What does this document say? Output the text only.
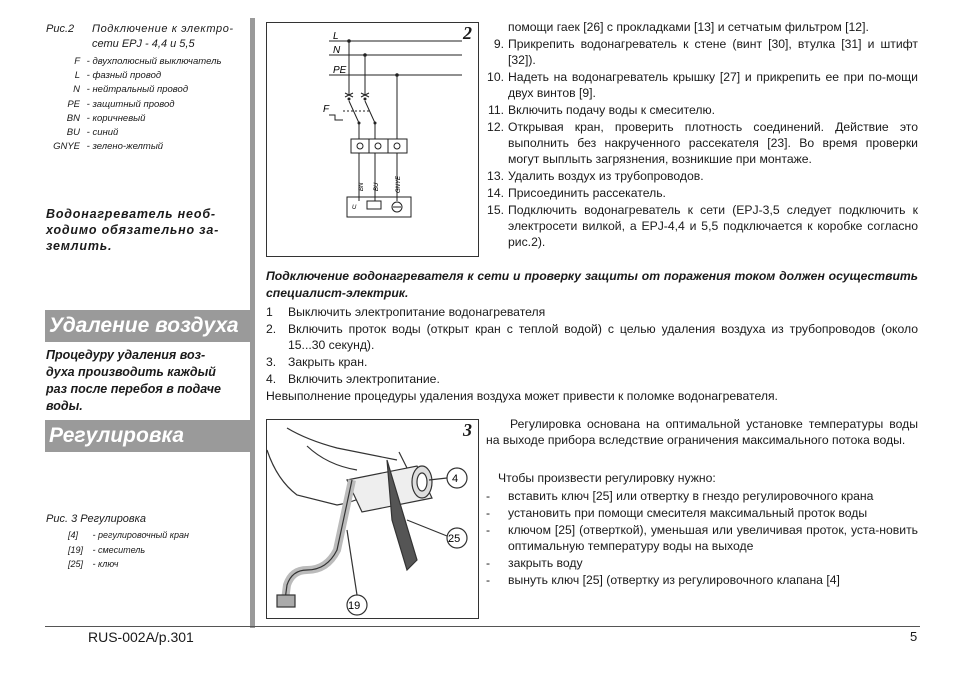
Рис.2 Подключение к электро-
сети EPJ - 4,4 и 5,5
F - двухполюсный выключатель
L - фазный провод
N - нейтральный провод
PE - защитный провод
BN - коричневый
BU - синий
GNYE - зелено-желтый
Водонагреватель необ-
ходимо обязательно за-
землить.
Удаление воздуха
Процедуру удаления воз-
духа производить каждый
раз после перебоя в подаче
воды.
Регулировка
Рис. 3 Регулировка
[4] - регулировочный кран
[19] - смеситель
[25] - ключ
2
L
N
PE
F
BN BU	GNYE
U
помощи гаек [26] с прокладками [13] и сетчатым фильтром [12].
9. Прикрепить водонагреватель к стене (винт [30], втулка [31] и штифт [32]).
10. Надеть на водонагреватель крышку [27] и прикрепить ее при по-мощи двух винтов [9].
11. Включить подачу воды к смесителю.
12. Открывая кран, проверить плотность соединений. Действие это выполнить без накрученного рассекателя [23]. Во время проверки могут выплыть загрязнения, возникшие при монтаже.
13. Удалить воздух из трубопроводов.
14. Присоединить рассекатель.
15. Подключить водонагреватель к сети (EPJ-3,5 следует подключить к электросети вилкой, а EPJ-4,4 и 5,5 подключается к коробке согласно рис.2).
Подключение водонагревателя к сети и проверку защиты от поражения током должен осуществить специалист-электрик.
1	Выключить электропитание водонагревателя
2. Включить проток воды (открыт кран с теплой водой) с целью удаления воздуха из трубопроводов (около 15...30 секунд).
3. Закрыть кран.
4. Включить электропитание.
Невыполнение процедуры удаления воздуха может привести к поломке водонагревателя.
3
4
25
19
Регулировка основана на оптимальной установке температуры воды на выходе прибора вследствие ограничения максимального потока воды.
Чтобы произвести регулировку нужно:
-	вставить ключ [25] или отвертку в гнездо регулировочного крана
-	установить при помощи смесителя максимальный проток воды
-	ключом [25] (отверткой), уменьшая или увеличивая проток, уста-новить оптимальную температуру воды на выходе
-	закрыть воду
-	вынуть ключ [25] (отвертку из регулировочного клапана [4]
RUS-002A/p.301	5
